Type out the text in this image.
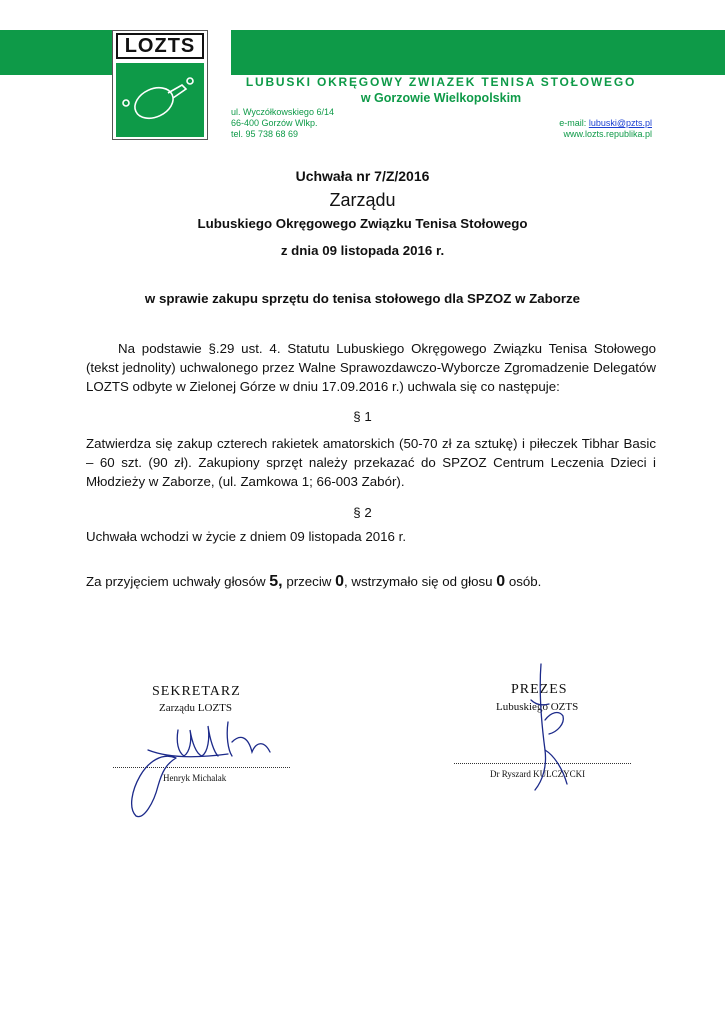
LOZTS
LUBUSKI OKRĘGOWY ZWIAZEK TENISA STOŁOWEGO
w Gorzowie Wielkopolskim
ul. Wyczółkowskiego 6/14
66-400 Gorzów Wlkp.
tel. 95 738 68 69
e-mail: lubuski@pzts.pl
www.lozts.republika.pl
Uchwała nr 7/Z/2016
Zarządu
Lubuskiego Okręgowego Związku Tenisa Stołowego
z dnia 09 listopada 2016 r.
w sprawie zakupu sprzętu do tenisa stołowego dla SPZOZ w Zaborze
Na podstawie §.29 ust. 4. Statutu Lubuskiego Okręgowego Związku Tenisa Stołowego (tekst jednolity) uchwalonego przez Walne Sprawozdawczo-Wyborcze Zgromadzenie Delegatów LOZTS odbyte w Zielonej Górze w dniu 17.09.2016 r.) uchwala się co następuje:
§ 1
Zatwierdza się zakup czterech rakietek amatorskich (50-70 zł za sztukę) i piłeczek Tibhar Basic – 60 szt. (90 zł). Zakupiony sprzęt należy przekazać do SPZOZ Centrum Leczenia Dzieci i Młodzieży w Zaborze, (ul. Zamkowa 1; 66-003 Zabór).
§ 2
Uchwała wchodzi w życie z dniem 09 listopada 2016 r.
Za przyjęciem uchwały głosów 5, przeciw 0, wstrzymało się od głosu 0 osób.
SEKRETARZ
Zarządu LOZTS
Henryk Michalak
PREZES
Lubuskiego OZTS
Dr Ryszard KULCZYCKI
